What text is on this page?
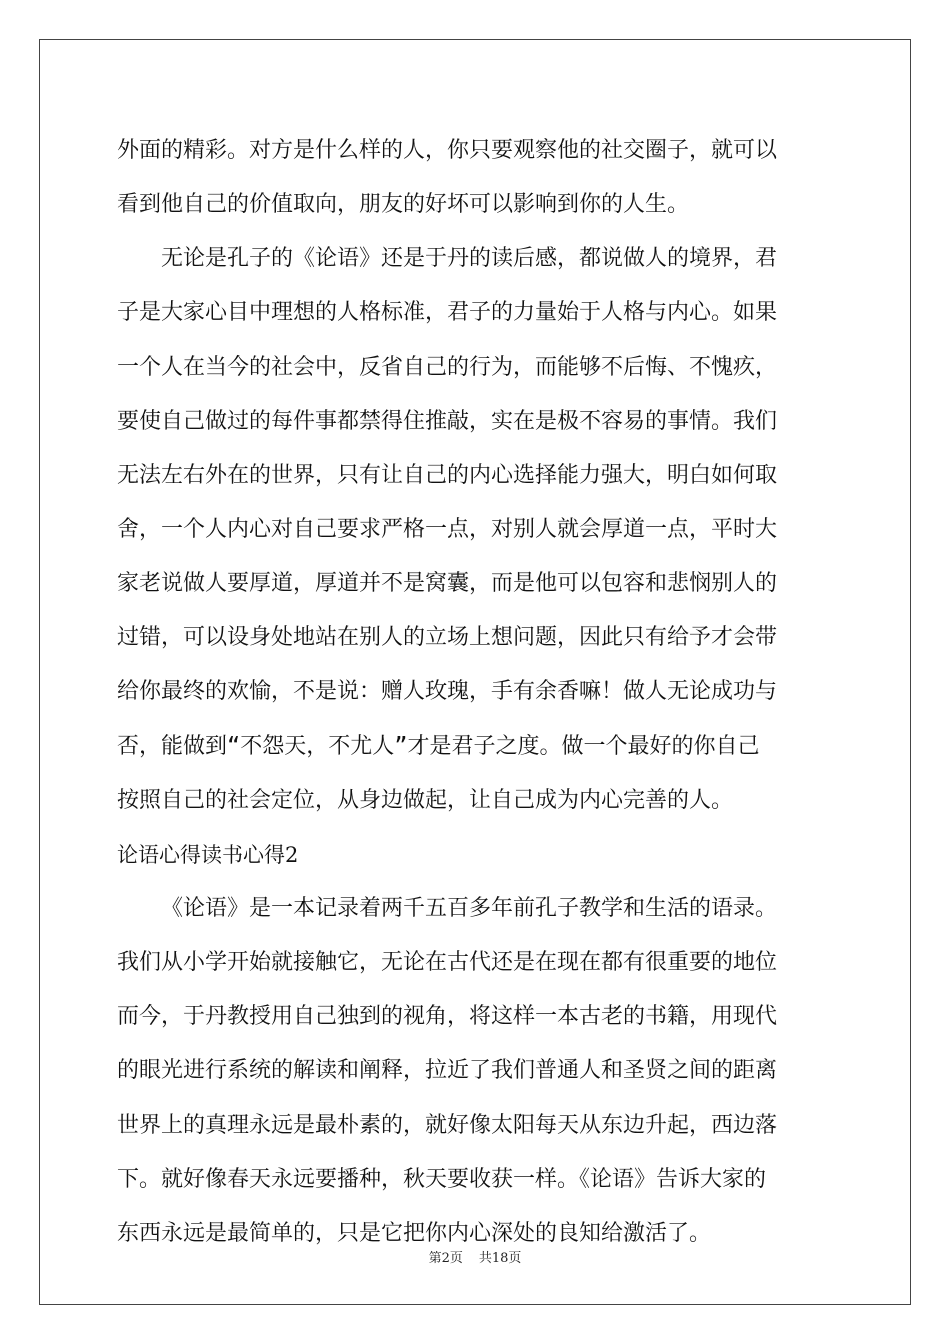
外面的精彩。对方是什么样的人，你只要观察他的社交圈子，就可以
看到他自己的价值取向，朋友的好坏可以影响到你的人生。
无论是孔子的《论语》还是于丹的读后感，都说做人的境界，君
子是大家心目中理想的人格标准，君子的力量始于人格与内心。如果
一个人在当今的社会中，反省自己的行为，而能够不后悔、不愧疚，
要使自己做过的每件事都禁得住推敲，实在是极不容易的事情。我们
无法左右外在的世界，只有让自己的内心选择能力强大，明白如何取
舍，一个人内心对自己要求严格一点，对别人就会厚道一点，平时大
家老说做人要厚道，厚道并不是窝囊，而是他可以包容和悲悯别人的
过错，可以设身处地站在别人的立场上想问题，因此只有给予才会带
给你最终的欢愉，不是说：赠人玫瑰，手有余香嘛！做人无论成功与
否，能做到“不怨天，不尤人”才是君子之度。做一个最好的你自己
按照自己的社会定位，从身边做起，让自己成为内心完善的人。
论语心得读书心得2
《论语》是一本记录着两千五百多年前孔子教学和生活的语录。
我们从小学开始就接触它，无论在古代还是在现在都有很重要的地位
而今，于丹教授用自己独到的视角，将这样一本古老的书籍，用现代
的眼光进行系统的解读和阐释，拉近了我们普通人和圣贤之间的距离
世界上的真理永远是最朴素的，就好像太阳每天从东边升起，西边落
下。就好像春天永远要播种，秋天要收获一样。《论语》告诉大家的
东西永远是最简单的，只是它把你内心深处的良知给激活了。
第2页 共18页
